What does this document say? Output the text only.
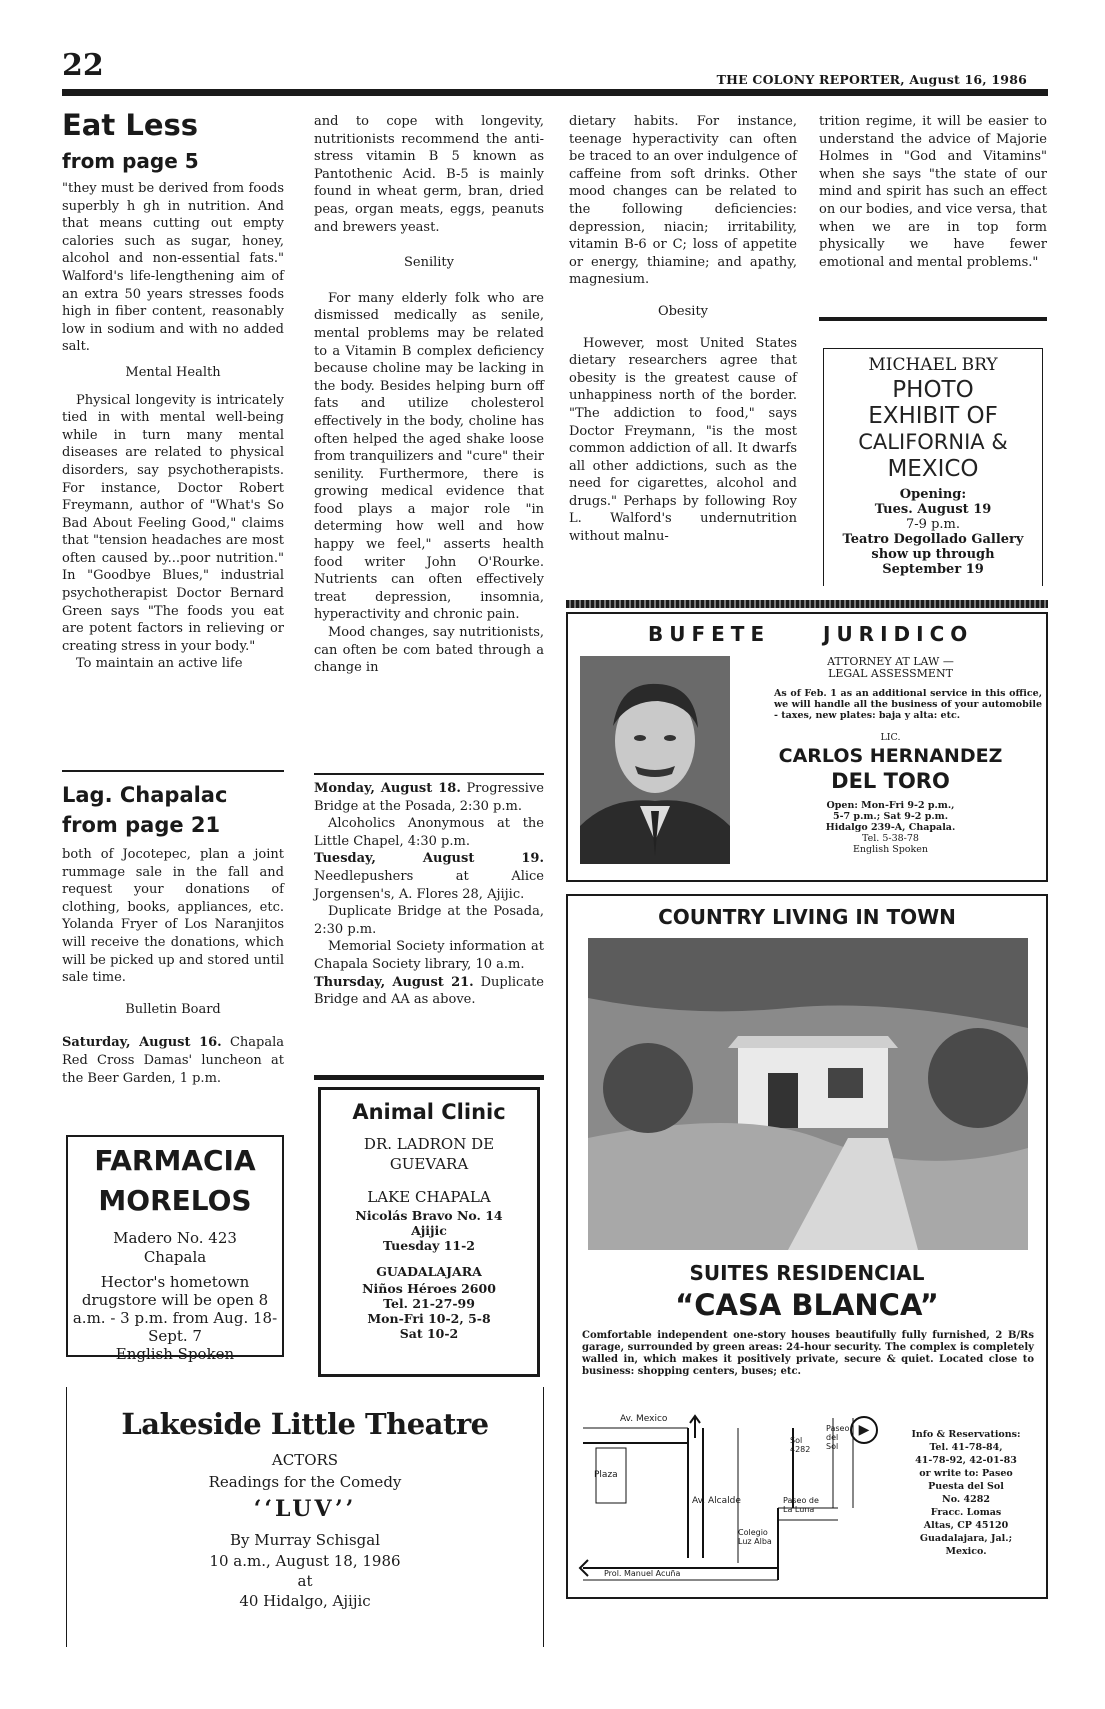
22	THE COLONY REPORTER, August 16, 1986
Eat Less
from page 5

"they must be derived from foods superbly h gh in nutrition. And that means cutting out empty calories such as sugar, honey, alcohol and non-essential fats." Walford's life-lengthening aim of an extra 50 years stresses foods high in fiber content, reasonably low in sodium and with no added salt.

Mental Health

Physical longevity is intricately tied in with mental well-being while in turn many mental diseases are related to physical disorders, say psychotherapists. For instance, Doctor Robert Freymann, author of "What's So Bad About Feeling Good," claims that "tension headaches are most often caused by...poor nutrition." In "Goodbye Blues," industrial psychotherapist Doctor Bernard Green says "The foods you eat are potent factors in relieving or creating stress in your body."

To maintain an active life

Lag. Chapalac
from page 21

both of Jocotepec, plan a joint rummage sale in the fall and request your donations of clothing, books, appliances, etc. Yolanda Fryer of Los Naranjitos will receive the donations, which will be picked up and stored until sale time.

Bulletin Board

Saturday, August 16. Chapala Red Cross Damas' luncheon at the Beer Garden, 1 p.m.

FARMACIA
MORELOS
Madero No. 423
Chapala
Hector's hometown drugstore will be open 8 a.m. - 3 p.m. from Aug. 18-Sept. 7
English Spoken

and to cope with longevity, nutritionists recommend the anti-stress vitamin B 5 known as Pantothenic Acid. B-5 is mainly found in wheat germ, bran, dried peas, organ meats, eggs, peanuts and brewers yeast.

Senility

For many elderly folk who are dismissed medically as senile, mental problems may be related to a Vitamin B complex deficiency because choline may be lacking in the body. Besides helping burn off fats and utilize cholesterol effectively in the body, choline has often helped the aged shake loose from tranquilizers and "cure" their senility. Furthermore, there is growing medical evidence that food plays a major role "in determing how well and how happy we feel," asserts health food writer John O'Rourke. Nutrients can often effectively treat depression, insomnia, hyperactivity and chronic pain.

Mood changes, say nutritionists, can often be com bated through a change in

Monday, August 18. Progressive Bridge at the Posada, 2:30 p.m.

Alcoholics Anonymous at the Little Chapel, 4:30 p.m.

Tuesday, August 19. Needlepushers at Alice Jorgensen's, A. Flores 28, Ajijic.

Duplicate Bridge at the Posada, 2:30 p.m.

Memorial Society information at Chapala Society library, 10 a.m.

Thursday, August 21. Duplicate Bridge and AA as above.

Animal Clinic
DR. LADRON DE
GUEVARA
LAKE CHAPALA
Nicolás Bravo No. 14
Ajijic
Tuesday 11-2
GUADALAJARA
Niños Héroes 2600
Tel. 21-27-99
Mon-Fri 10-2, 5-8
Sat 10-2
Lakeside Little Theatre
ACTORS
Readings for the Comedy
‘‘LUV’’
By Murray Schisgal
10 a.m., August 18, 1986
at
40 Hidalgo, Ajijic

dietary habits. For instance, teenage hyperactivity can often be traced to an over indulgence of caffeine from soft drinks. Other mood changes can be related to the following deficiencies: depression, niacin; irritability, vitamin B-6 or C; loss of appetite or energy, thiamine; and apathy, magnesium.

Obesity

However, most United States dietary researchers agree that obesity is the greatest cause of unhappiness north of the border. "The addiction to food," says Doctor Freymann, "is the most common addiction of all. It dwarfs all other addictions, such as the need for cigarettes, alcohol and drugs." Perhaps by following Roy L. Walford's undernutrition without malnu-

trition regime, it will be easier to understand the advice of Majorie Holmes in "God and Vitamins" when she says "the state of our mind and spirit has such an effect on our bodies, and vice versa, that when we are in top form physically we have fewer emotional and mental problems."

MICHAEL BRY
PHOTO
EXHIBIT OF
CALIFORNIA &
MEXICO
Opening:
Tues. August 19
7-9 p.m.
Teatro Degollado Gallery
show up through
September 19
BUFETE	JURIDICO
ATTORNEY AT LAW —
LEGAL ASSESSMENT
As of Feb. 1 as an additional service in this office, we will handle all the business of your automobile - taxes, new plates: baja y alta: etc.
LIC.
CARLOS HERNANDEZ
DEL TORO
Open: Mon-Fri 9-2 p.m.,
5-7 p.m.; Sat 9-2 p.m.
Hidalgo 239-A, Chapala.
Tel. 5-38-78
English Spoken
COUNTRY LIVING IN TOWN
SUITES RESIDENCIAL
“CASA BLANCA”
Comfortable independent one-story houses beautifully fully furnished, 2 B/Rs garage, surrounded by green areas: 24-hour security. The complex is completely walled in, which makes it positively private, secure & quiet. Located close to business: shopping centers, buses; etc.
Av. Mexico
Plaza
Av. Alcalde
Colegio Luz Alba
Sol 4282
Paseo del Sol
Paseo de La Luna
Prol. Manuel Acuña
▶	Info & Reservations:
Tel. 41-78-84,
41-78-92, 42-01-83
or write to: Paseo
Puesta del Sol
No. 4282
Fracc. Lomas
Altas, CP 45120
Guadalajara, Jal.;
Mexico.
